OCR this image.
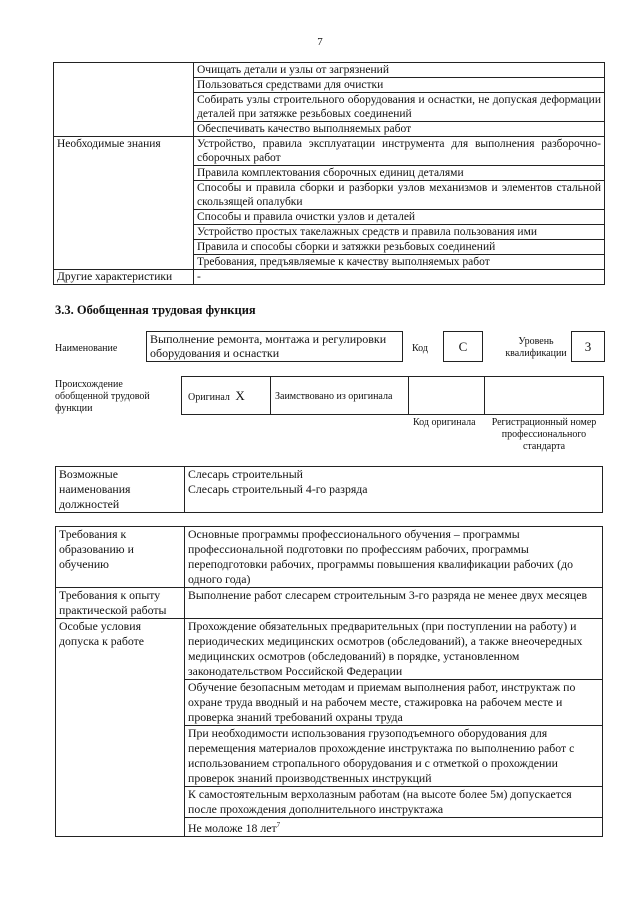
7
	Очищать детали и узлы от загрязнений
	Пользоваться средствами для очистки
	Собирать узлы строительного оборудования и оснастки, не допуская деформации деталей при затяжке резьбовых соединений
	Обеспечивать качество выполняемых работ
Необходимые знания	Устройство, правила эксплуатации инструмента для выполнения разборочно-сборочных работ
	Правила комплектования сборочных единиц деталями
	Способы и правила сборки и разборки узлов механизмов и элементов стальной скользящей опалубки
	Способы и правила очистки узлов и деталей
	Устройство простых такелажных средств и правила пользования ими
	Правила и способы сборки и затяжки резьбовых соединений
	Требования, предъявляемые к качеству выполняемых работ
Другие характеристики	-
3.3. Обобщенная трудовая функция
Наименование
Выполнение ремонта, монтажа и регулировки оборудования и оснастки	Код	C	Уровень квалификации	3
Происхождение обобщенной трудовой функции
Оригинал X	Заимствовано из оригинала
Код оригинала	Регистрационный номер профессионального стандарта
Возможные наименования должностей	
Слесарь строительный
Слесарь строительный 4-го разряда
Требования к образованию и обучению	Основные программы профессионального обучения – программы профессиональной подготовки по профессиям рабочих, программы переподготовки рабочих, программы повышения квалификации рабочих (до одного года)
Требования к опыту практической работы	Выполнение работ слесарем строительным 3-го разряда не менее двух месяцев
Особые условия допуска к работе	Прохождение обязательных предварительных (при поступлении на работу) и периодических медицинских осмотров (обследований), а также внеочередных медицинских осмотров (обследований) в порядке, установленном законодательством Российской Федерации
	Обучение безопасным методам и приемам выполнения работ, инструктаж по охране труда вводный и на рабочем месте, стажировка на рабочем месте и проверка знаний требований охраны труда
	При необходимости использования грузоподъемного оборудования для перемещения материалов прохождение инструктажа по выполнению работ с использованием стропального оборудования и с отметкой о прохождении проверок знаний производственных инструкций
	К самостоятельным верхолазным работам (на высоте более 5м) допускается после прохождения дополнительного инструктажа
	Не моложе 18 лет$^7$
